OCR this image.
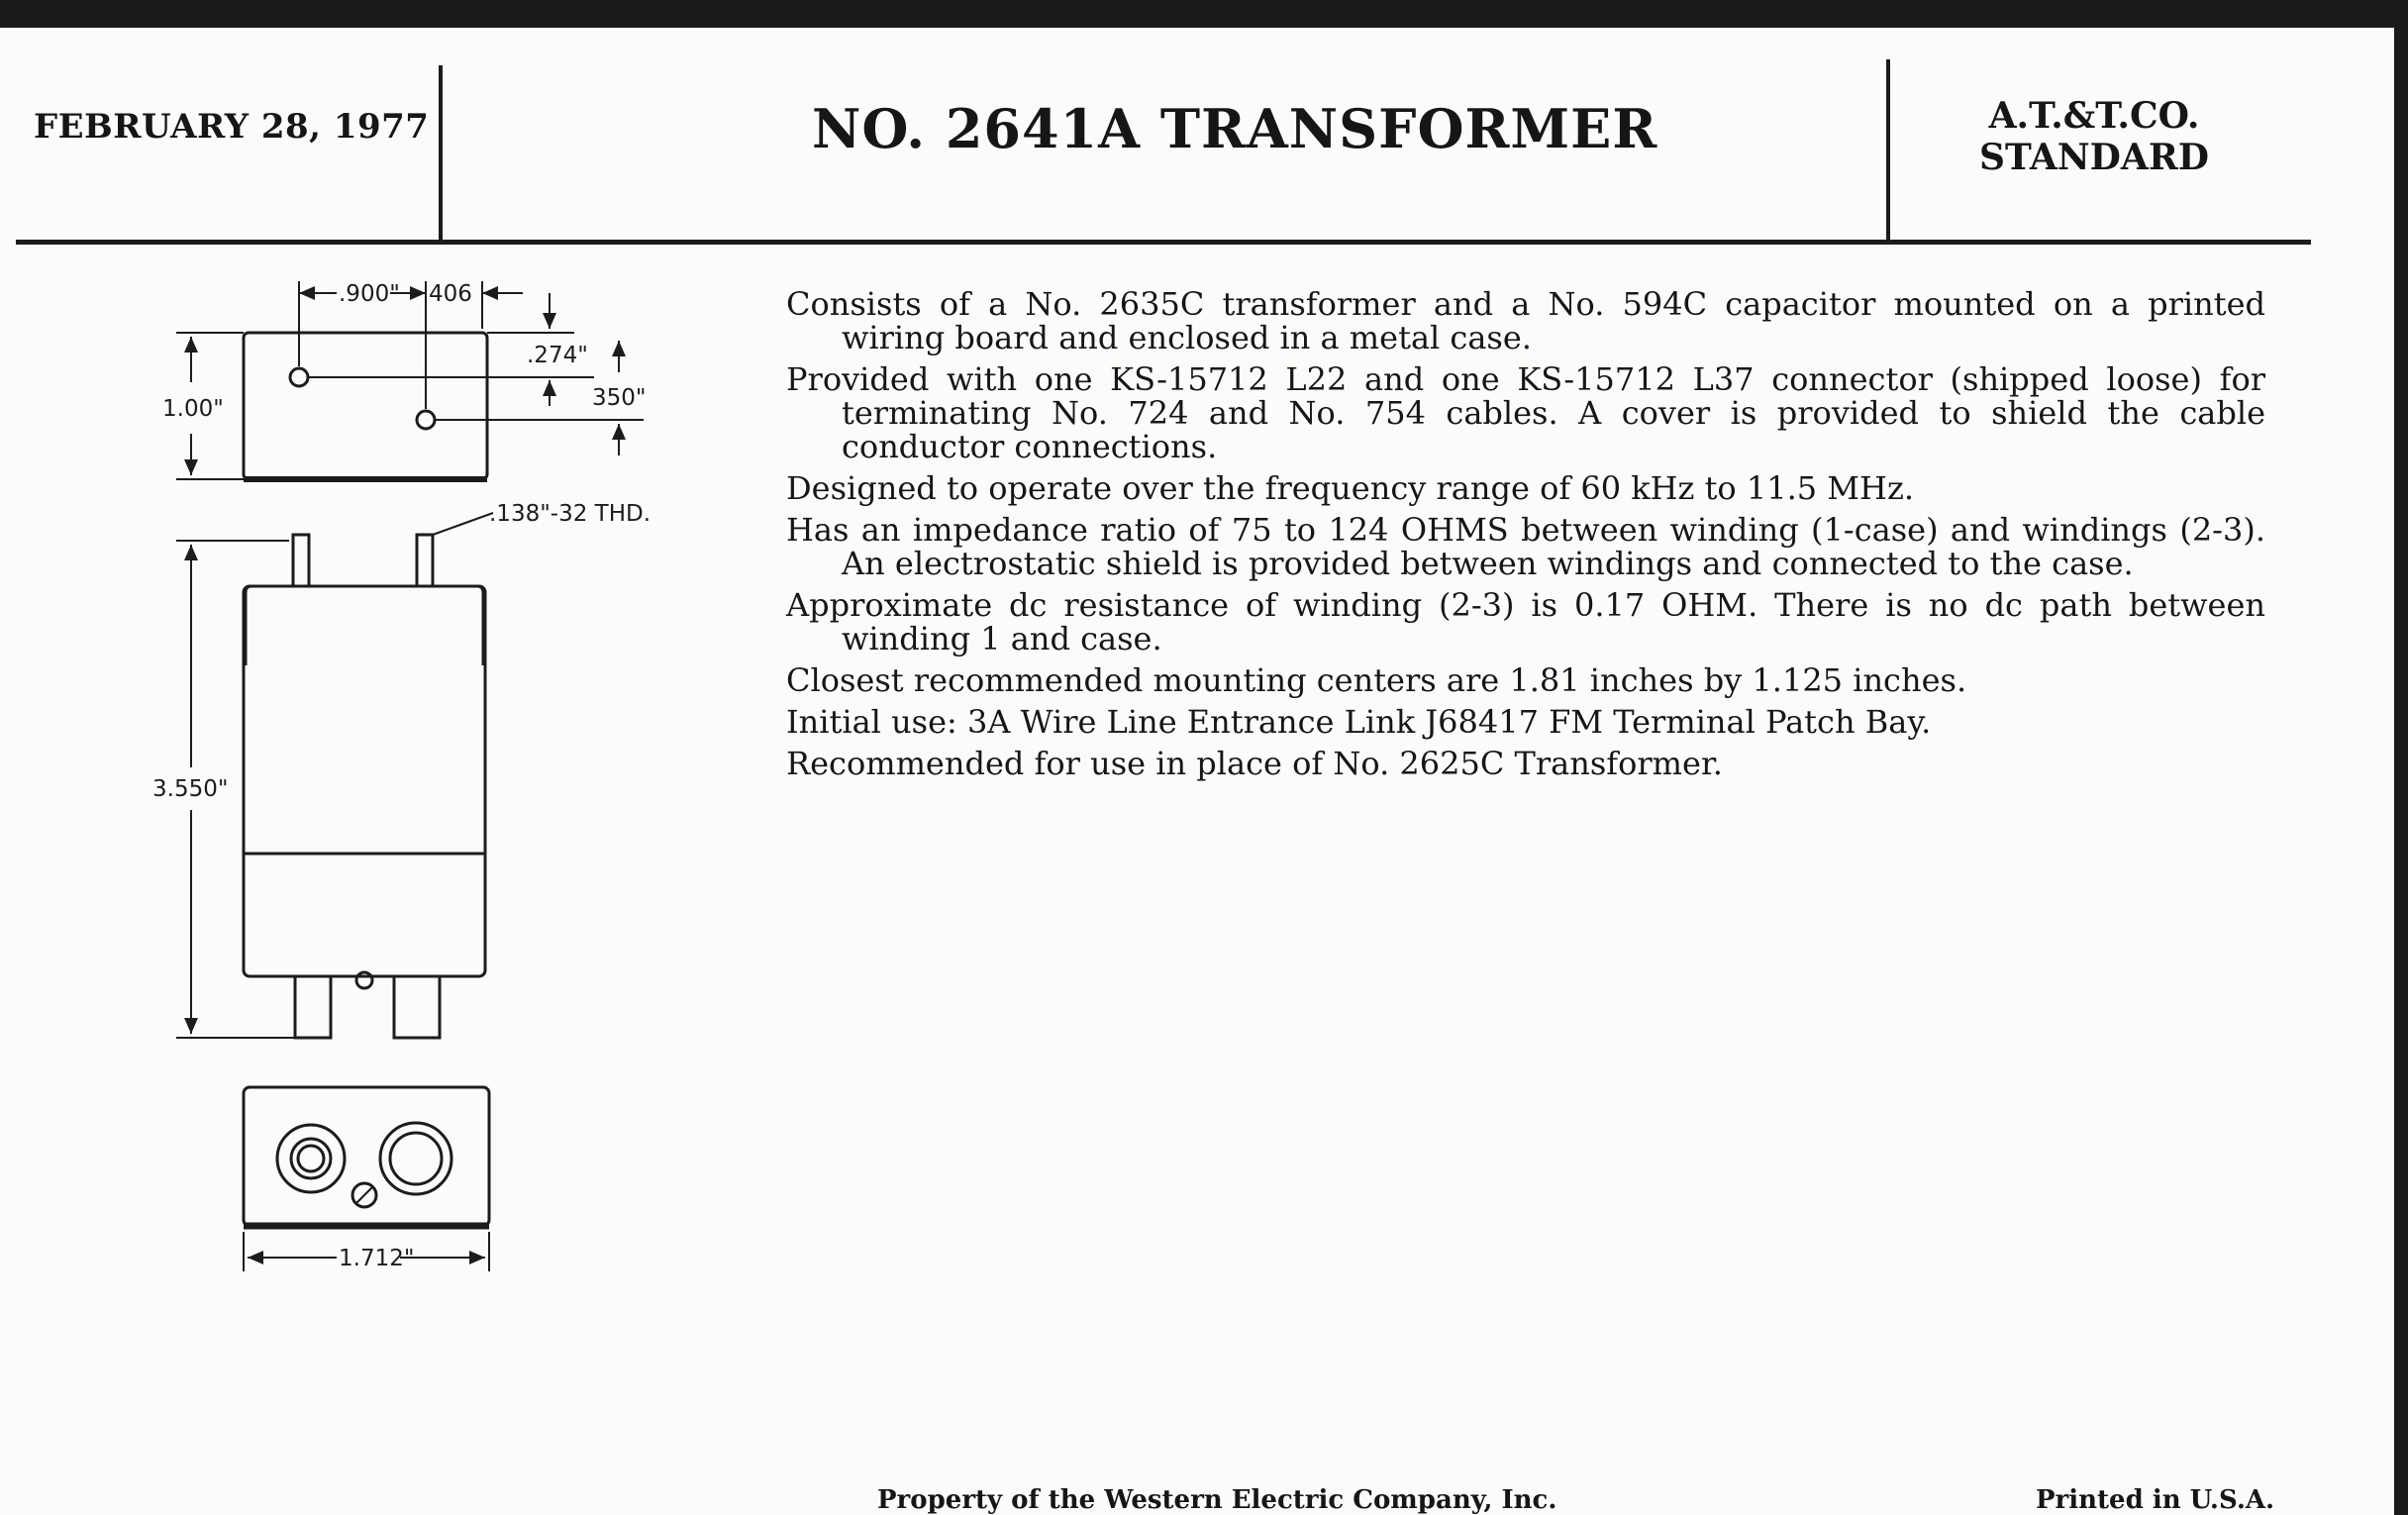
FEBRUARY 28, 1977	NO. 2641A TRANSFORMER	A.T.&T.CO.
STANDARD
.900" 406
.274"
350"
1.00"
.138"-32 THD.
3.550"
1.712"

Consists of a No. 2635C transformer and a No. 594C capacitor mounted on a printed wiring board and enclosed in a metal case.

Provided with one KS-15712 L22 and one KS-15712 L37 connector (shipped loose) for terminating No. 724 and No. 754 cables. A cover is provided to shield the cable conductor connections.

Designed to operate over the frequency range of 60 kHz to 11.5 MHz.

Has an impedance ratio of 75 to 124 OHMS between winding (1-case) and windings (2-3). An electrostatic shield is provided between windings and connected to the case.

Approximate dc resistance of winding (2-3) is 0.17 OHM. There is no dc path between winding 1 and case.

Closest recommended mounting centers are 1.81 inches by 1.125 inches.

Initial use: 3A Wire Line Entrance Link J68417 FM Terminal Patch Bay.

Recommended for use in place of No. 2625C Transformer.

Property of the Western Electric Company, Inc.	Printed in U.S.A.
